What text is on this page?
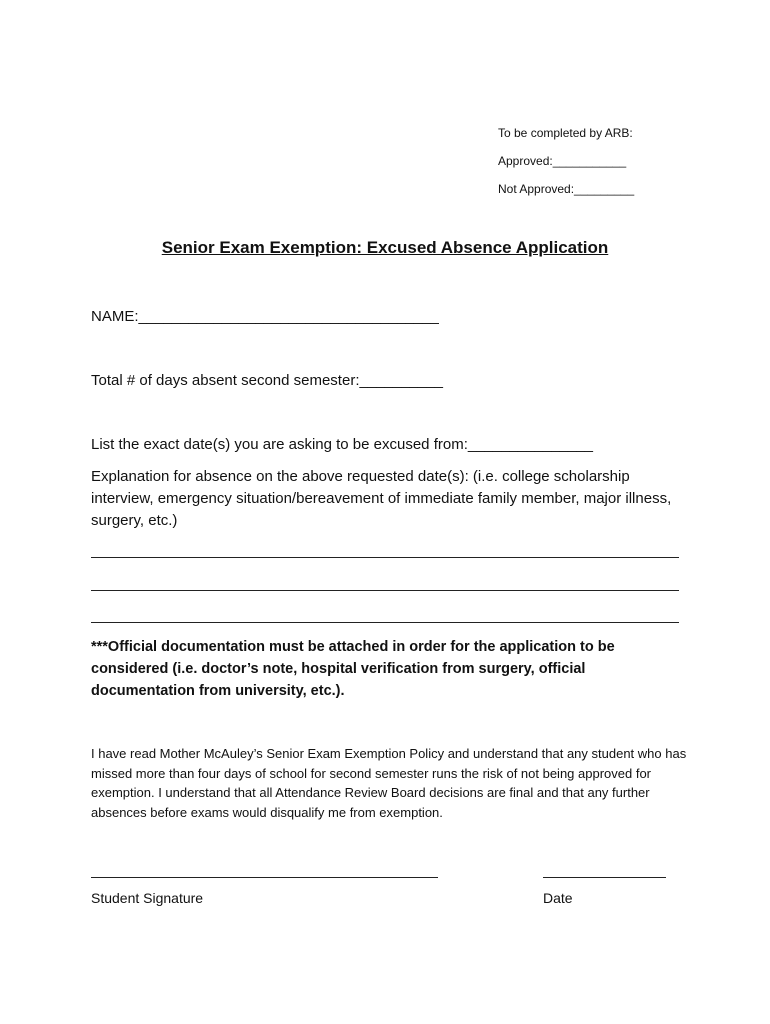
To be completed by ARB:
Approved:___________
Not Approved:_________
Senior Exam Exemption: Excused Absence Application
NAME:____________________________________
Total # of days absent second semester:__________
List the exact date(s) you are asking to be excused from:_______________
Explanation for absence on the above requested date(s): (i.e. college scholarship interview, emergency situation/bereavement of immediate family member, major illness, surgery, etc.)
***Official documentation must be attached in order for the application to be considered (i.e. doctor’s note, hospital verification from surgery, official documentation from university, etc.).
I have read Mother McAuley’s Senior Exam Exemption Policy and understand that any student who has missed more than four days of school for second semester runs the risk of not being approved for exemption. I understand that all Attendance Review Board decisions are final and that any further absences before exams would disqualify me from exemption.
Student Signature	Date
